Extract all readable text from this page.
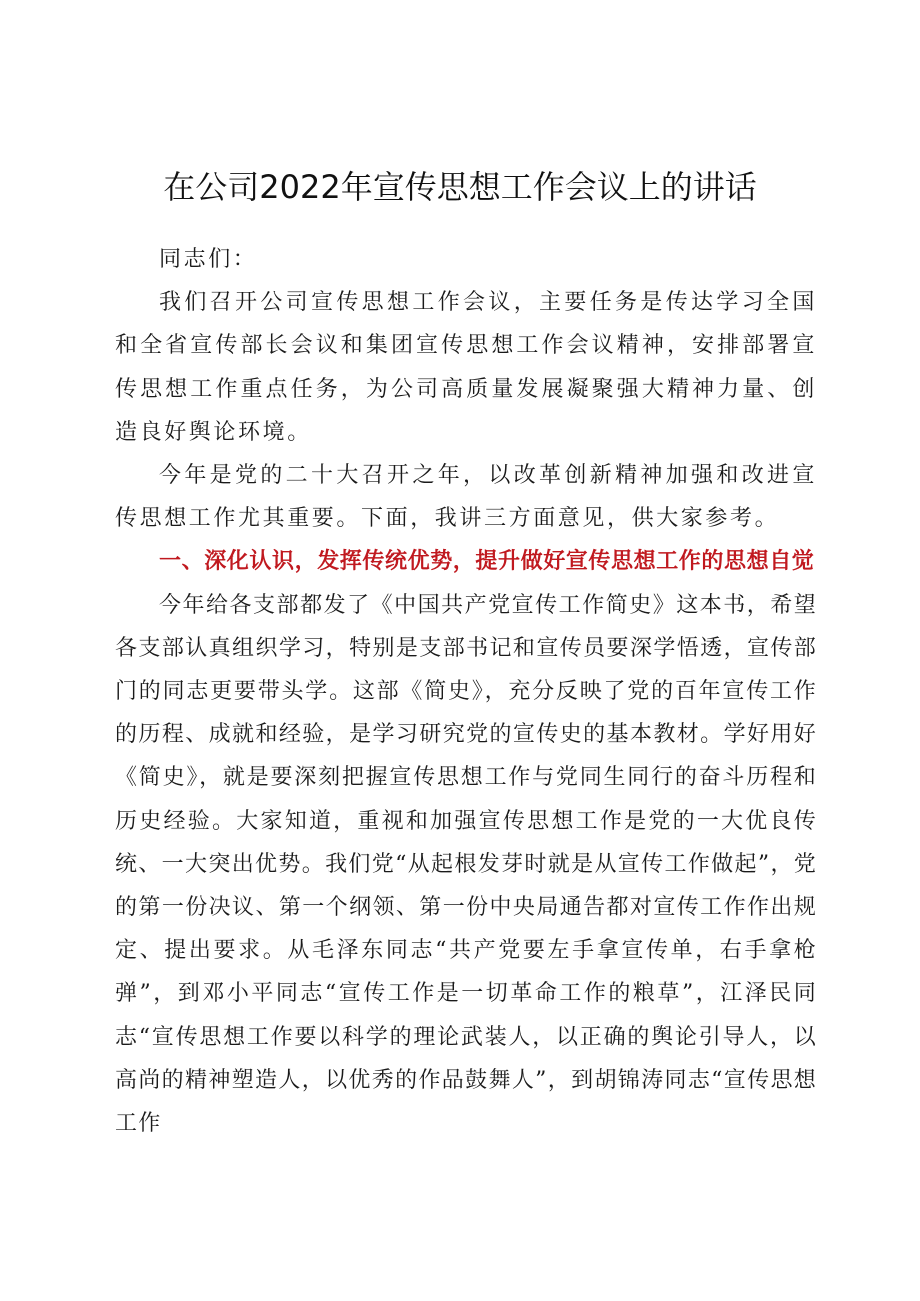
在公司2022年宣传思想工作会议上的讲话

同志们：

我们召开公司宣传思想工作会议，主要任务是传达学习全国和全省宣传部长会议和集团宣传思想工作会议精神，安排部署宣传思想工作重点任务，为公司高质量发展凝聚强大精神力量、创造良好舆论环境。

今年是党的二十大召开之年，以改革创新精神加强和改进宣传思想工作尤其重要。下面，我讲三方面意见，供大家参考。

一、深化认识，发挥传统优势，提升做好宣传思想工作的思想自觉

今年给各支部都发了《中国共产党宣传工作简史》这本书，希望各支部认真组织学习，特别是支部书记和宣传员要深学悟透，宣传部门的同志更要带头学。这部《简史》，充分反映了党的百年宣传工作的历程、成就和经验，是学习研究党的宣传史的基本教材。学好用好《简史》，就是要深刻把握宣传思想工作与党同生同行的奋斗历程和历史经验。大家知道，重视和加强宣传思想工作是党的一大优良传统、一大突出优势。我们党“从起根发芽时就是从宣传工作做起”，党的第一份决议、第一个纲领、第一份中央局通告都对宣传工作作出规定、提出要求。从毛泽东同志“共产党要左手拿宣传单，右手拿枪弹”，到邓小平同志“宣传工作是一切革命工作的粮草”，江泽民同志“宣传思想工作要以科学的理论武装人，以正确的舆论引导人，以高尚的精神塑造人，以优秀的作品鼓舞人”，到胡锦涛同志“宣传思想工作
